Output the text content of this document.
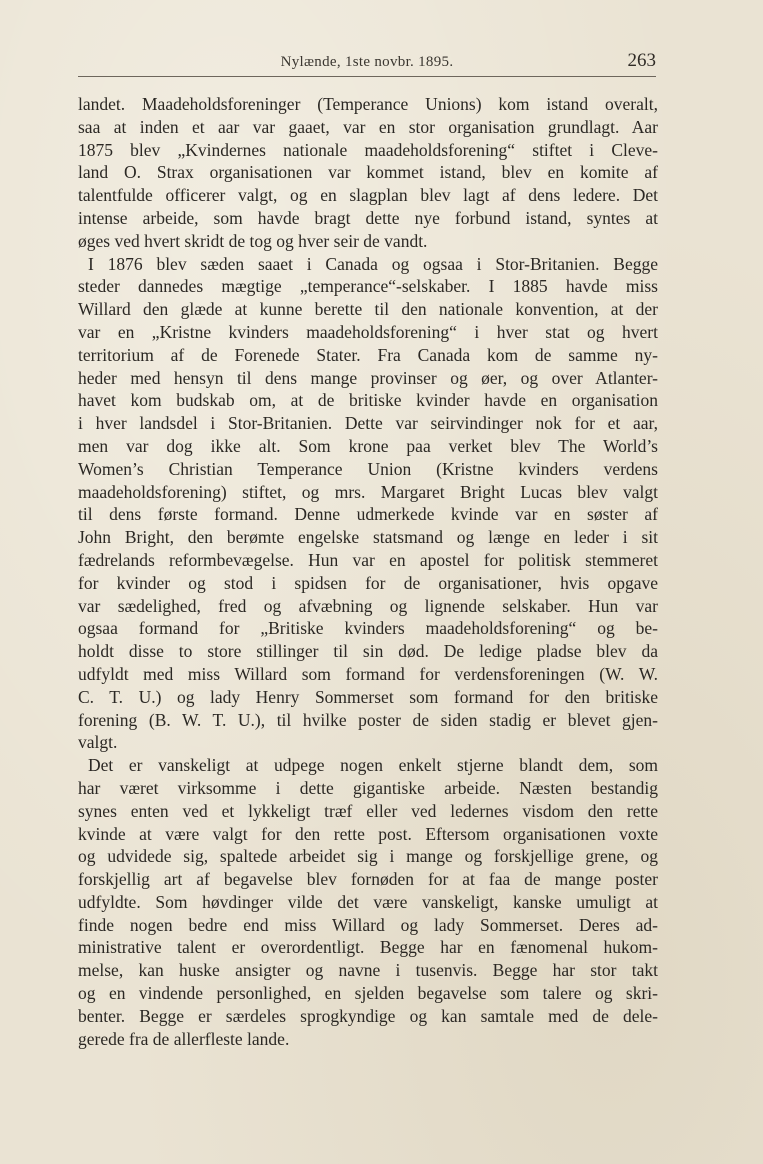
Nylænde, 1ste novbr. 1895.	263
landet. Maadeholdsforeninger (Temperance Unions) kom istand overalt,
saa at inden et aar var gaaet, var en stor organisation grundlagt. Aar
1875 blev „Kvindernes nationale maadeholdsforening“ stiftet i Cleve-
land O. Strax organisationen var kommet istand, blev en komite af
talentfulde officerer valgt, og en slagplan blev lagt af dens ledere. Det
intense arbeide, som havde bragt dette nye forbund istand, syntes at
øges ved hvert skridt de tog og hver seir de vandt.
I 1876 blev sæden saaet i Canada og ogsaa i Stor-Britanien. Begge
steder dannedes mægtige „temperance“-selskaber. I 1885 havde miss
Willard den glæde at kunne berette til den nationale konvention, at der
var en „Kristne kvinders maadeholdsforening“ i hver stat og hvert
territorium af de Forenede Stater. Fra Canada kom de samme ny-
heder med hensyn til dens mange provinser og øer, og over Atlanter-
havet kom budskab om, at de britiske kvinder havde en organisation
i hver landsdel i Stor-Britanien. Dette var seirvindinger nok for et aar,
men var dog ikke alt. Som krone paa verket blev The World’s
Women’s Christian Temperance Union (Kristne kvinders verdens
maadeholdsforening) stiftet, og mrs. Margaret Bright Lucas blev valgt
til dens første formand. Denne udmerkede kvinde var en søster af
John Bright, den berømte engelske statsmand og længe en leder i sit
fædrelands reformbevægelse. Hun var en apostel for politisk stemmeret
for kvinder og stod i spidsen for de organisationer, hvis opgave
var sædelighed, fred og afvæbning og lignende selskaber. Hun var
ogsaa formand for „Britiske kvinders maadeholdsforening“ og be-
holdt disse to store stillinger til sin død. De ledige pladse blev da
udfyldt med miss Willard som formand for verdensforeningen (W. W.
C. T. U.) og lady Henry Sommerset som formand for den britiske
forening (B. W. T. U.), til hvilke poster de siden stadig er blevet gjen-
valgt.
Det er vanskeligt at udpege nogen enkelt stjerne blandt dem, som
har været virksomme i dette gigantiske arbeide. Næsten bestandig
synes enten ved et lykkeligt træf eller ved ledernes visdom den rette
kvinde at være valgt for den rette post. Eftersom organisationen voxte
og udvidede sig, spaltede arbeidet sig i mange og forskjellige grene, og
forskjellig art af begavelse blev fornøden for at faa de mange poster
udfyldte. Som høvdinger vilde det være vanskeligt, kanske umuligt at
finde nogen bedre end miss Willard og lady Sommerset. Deres ad-
ministrative talent er overordentligt. Begge har en fænomenal hukom-
melse, kan huske ansigter og navne i tusenvis. Begge har stor takt
og en vindende personlighed, en sjelden begavelse som talere og skri-
benter. Begge er særdeles sprogkyndige og kan samtale med de dele-
gerede fra de allerfleste lande.
